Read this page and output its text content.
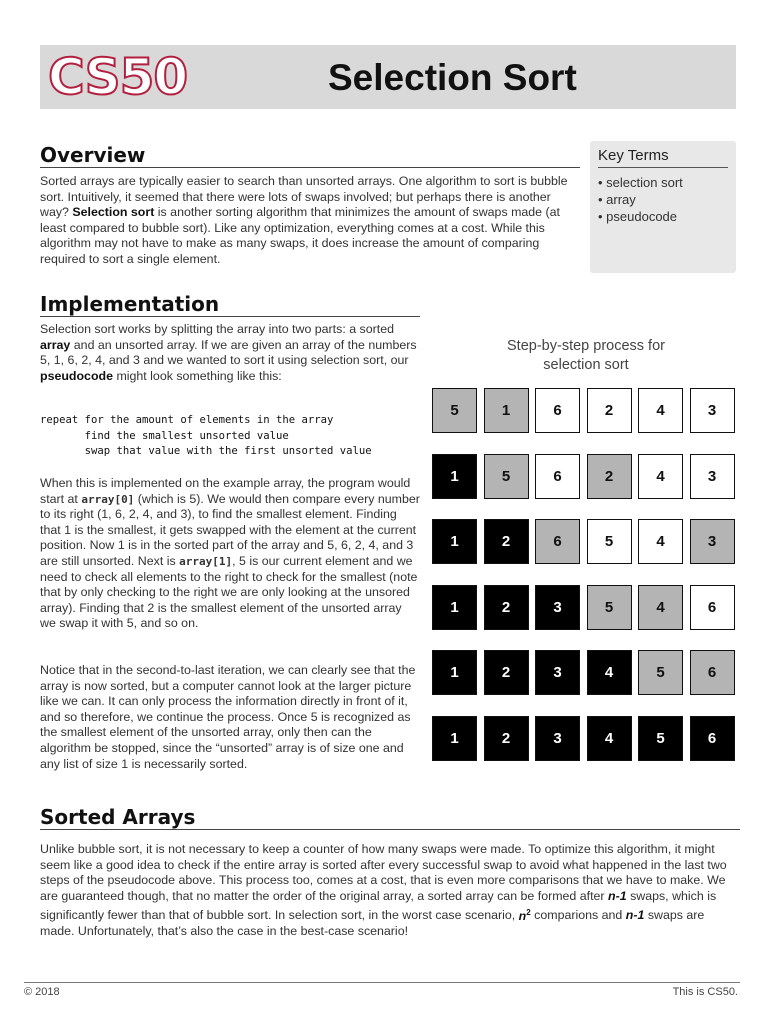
CS50	Selection Sort
Overview
Sorted arrays are typically easier to search than unsorted arrays. One algorithm to sort is bubble sort. Intuitively, it seemed that there were lots of swaps involved; but perhaps there is another way? Selection sort is another sorting algorithm that minimizes the amount of swaps made (at least compared to bubble sort). Like any optimization, everything comes at a cost. While this algorithm may not have to make as many swaps, it does increase the amount of comparing required to sort a single element.
Key Terms
• selection sort
• array
• pseudocode
Implementation
Selection sort works by splitting the array into two parts: a sorted array and an unsorted array. If we are given an array of the numbers 5, 1, 6, 2, 4, and 3 and we wanted to sort it using selection sort, our pseudocode might look something like this:
repeat for the amount of elements in the array
find the smallest unsorted value
swap that value with the first unsorted value
When this is implemented on the example array, the program would start at array[0] (which is 5). We would then compare every number to its right (1, 6, 2, 4, and 3), to find the smallest element. Finding that 1 is the smallest, it gets swapped with the element at the current position. Now 1 is in the sorted part of the array and 5, 6, 2, 4, and 3 are still unsorted. Next is array[1], 5 is our current element and we need to check all elements to the right to check for the smallest (note that by only checking to the right we are only looking at the unsored array). Finding that 2 is the smallest element of the unsorted array we swap it with 5, and so on.
Notice that in the second-to-last iteration, we can clearly see that the array is now sorted, but a computer cannot look at the larger picture like we can. It can only process the information directly in front of it, and so therefore, we continue the process. Once 5 is recognized as the smallest element of the unsorted array, only then can the algorithm be stopped, since the “unsorted” array is of size one and any list of size 1 is necessarily sorted.
Step-by-step process for
selection sort
5	1	6	2	4	3
1	5	6	2	4	3
1	2	6	5	4	3
1	2	3	5	4	6
1	2	3	4	5	6
1	2	3	4	5	6
Sorted Arrays
Unlike bubble sort, it is not necessary to keep a counter of how many swaps were made. To optimize this algorithm, it might seem like a good idea to check if the entire array is sorted after every successful swap to avoid what happened in the last two steps of the pseudocode above. This process too, comes at a cost, that is even more comparisons that we have to make. We are guaranteed though, that no matter the order of the original array, a sorted array can be formed after n-1 swaps, which is significantly fewer than that of bubble sort. In selection sort, in the worst case scenario, $n^2$ comparions and n-1 swaps are made. Unfortunately, that’s also the case in the best-case scenario!
© 2018	This is CS50.
